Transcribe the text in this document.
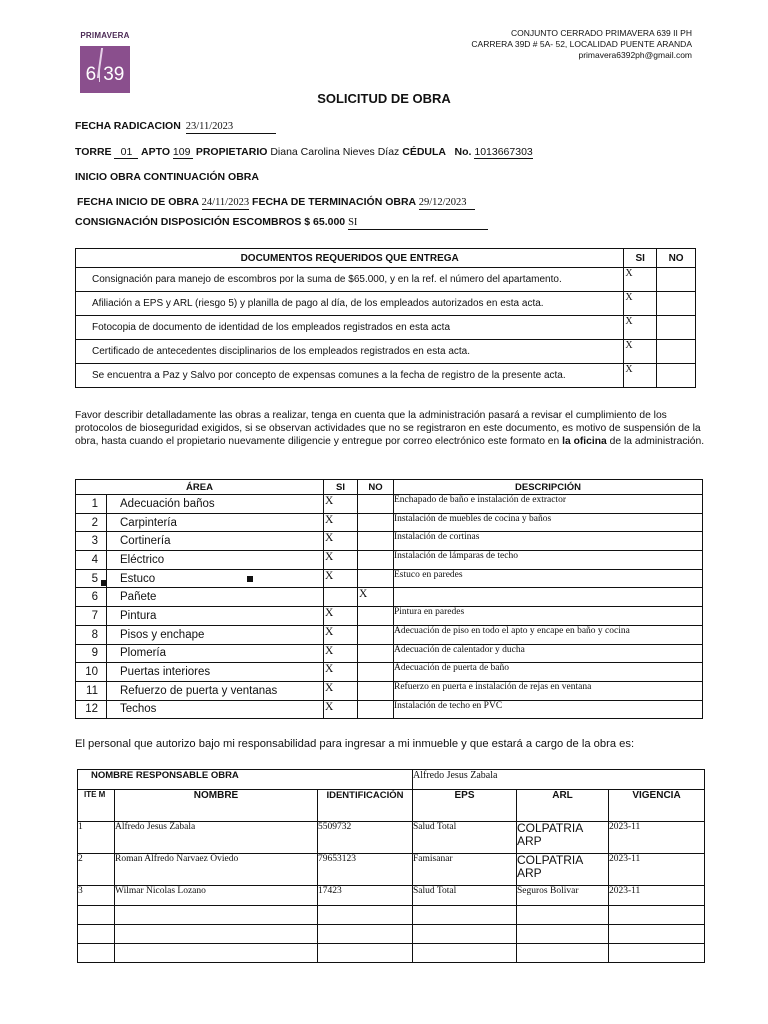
PRIMAVERA
6 39
CONJUNTO CERRADO PRIMAVERA 639 II PH
CARRERA 39D # 5A- 52, LOCALIDAD PUENTE ARANDA
primavera6392ph@gmail.com
SOLICITUD DE OBRA
FECHA RADICACION 23/11/2023
TORRE 01 APTO 109 PROPIETARIO Diana Carolina Nieves Díaz CÉDULA No. 1013667303
INICIO OBRA CONTINUACIÓN OBRA
FECHA INICIO DE OBRA 24/11/2023 FECHA DE TERMINACIÓN OBRA 29/12/2023
CONSIGNACIÓN DISPOSICIÓN ESCOMBROS $ 65.000 SI
DOCUMENTOS REQUERIDOS QUE ENTREGA	SI	NO
Consignación para manejo de escombros por la suma de $65.000, y en la ref. el número del apartamento.	X	
Afiliación a EPS y ARL (riesgo 5) y planilla de pago al día, de los empleados autorizados en esta acta.	X	
Fotocopia de documento de identidad de los empleados registrados en esta acta	X	
Certificado de antecedentes disciplinarios de los empleados registrados en esta acta.	X	
Se encuentra a Paz y Salvo por concepto de expensas comunes a la fecha de registro de la presente acta.	X	
Favor describir detalladamente las obras a realizar, tenga en cuenta que la administración pasará a revisar el cumplimiento de los protocolos de bioseguridad exigidos, si se observan actividades que no se registraron en este documento, es motivo de suspensión de la obra, hasta cuando el propietario nuevamente diligencie y entregue por correo electrónico este formato en la oficina de la administración.
ÁREA		SI	NO	DESCRIPCIÓN
1	Adecuación baños	X		Enchapado de baño e instalación de extractor
2	Carpintería	X		Instalación de muebles de cocina y baños
3	Cortinería	X		Instalación de cortinas
4	Eléctrico	X		Instalación de lámparas de techo
5	Estuco	X		Estuco en paredes
6	Pañete		X	
7	Pintura	X		Pintura en paredes
8	Pisos y enchape	X		Adecuación de piso en todo el apto y encape en baño y cocina
9	Plomería	X		Adecuación de calentador y ducha
10	Puertas interiores	X		Adecuación de puerta de baño
11	Refuerzo de puerta y ventanas	X		Refuerzo en puerta e instalación de rejas en ventana
12	Techos	X		Instalación de techo en PVC
El personal que autorizo bajo mi responsabilidad para ingresar a mi inmueble y que estará a cargo de la obra es:
NOMBRE RESPONSABLE OBRA			Alfredo Jesus Zabala		
ITE M	NOMBRE	IDENTIFICACIÓN	EPS	ARL	VIGENCIA
1	Alfredo Jesus Zabala	5509732	Salud Total	COLPATRIA ARP	2023-11
2	Roman Alfredo Narvaez Oviedo	79653123	Famisanar	COLPATRIA ARP	2023-11
3	Wilmar Nicolas Lozano	17423	Salud Total	Seguros Bolivar	2023-11
